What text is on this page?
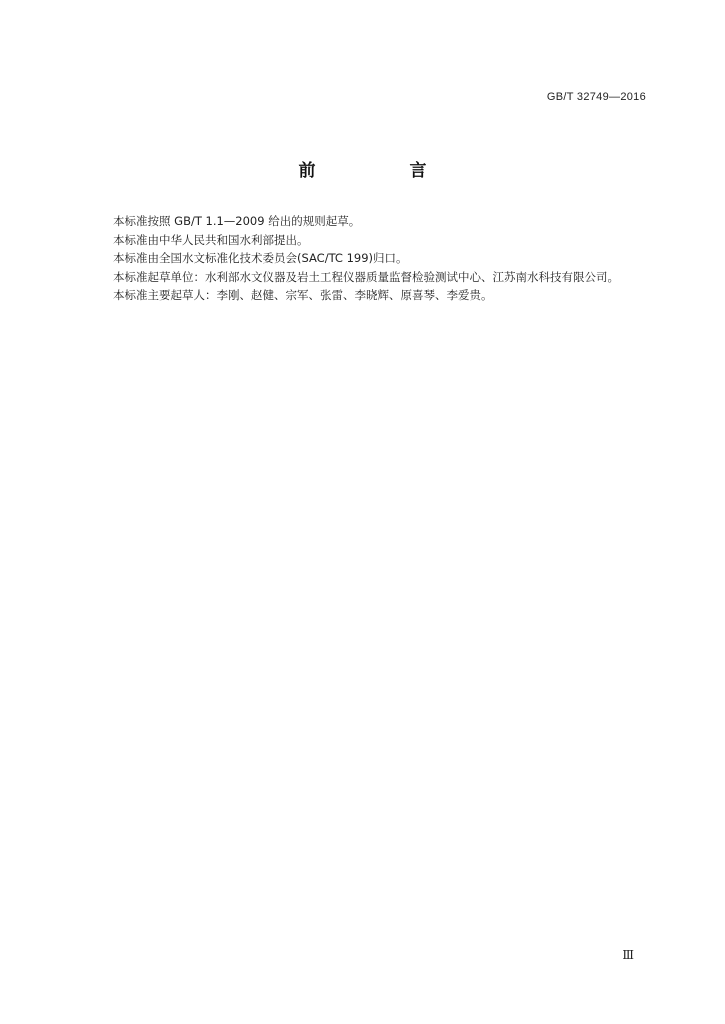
GB/T 32749—2016
前 言

本标准按照 GB/T 1.1—2009 给出的规则起草。

本标准由中华人民共和国水利部提出。

本标准由全国水文标准化技术委员会(SAC/TC 199)归口。

本标准起草单位：水利部水文仪器及岩土工程仪器质量监督检验测试中心、江苏南水科技有限公司。

本标准主要起草人：李刚、赵健、宗军、张雷、李晓辉、原喜琴、李爱贵。

Ⅲ
